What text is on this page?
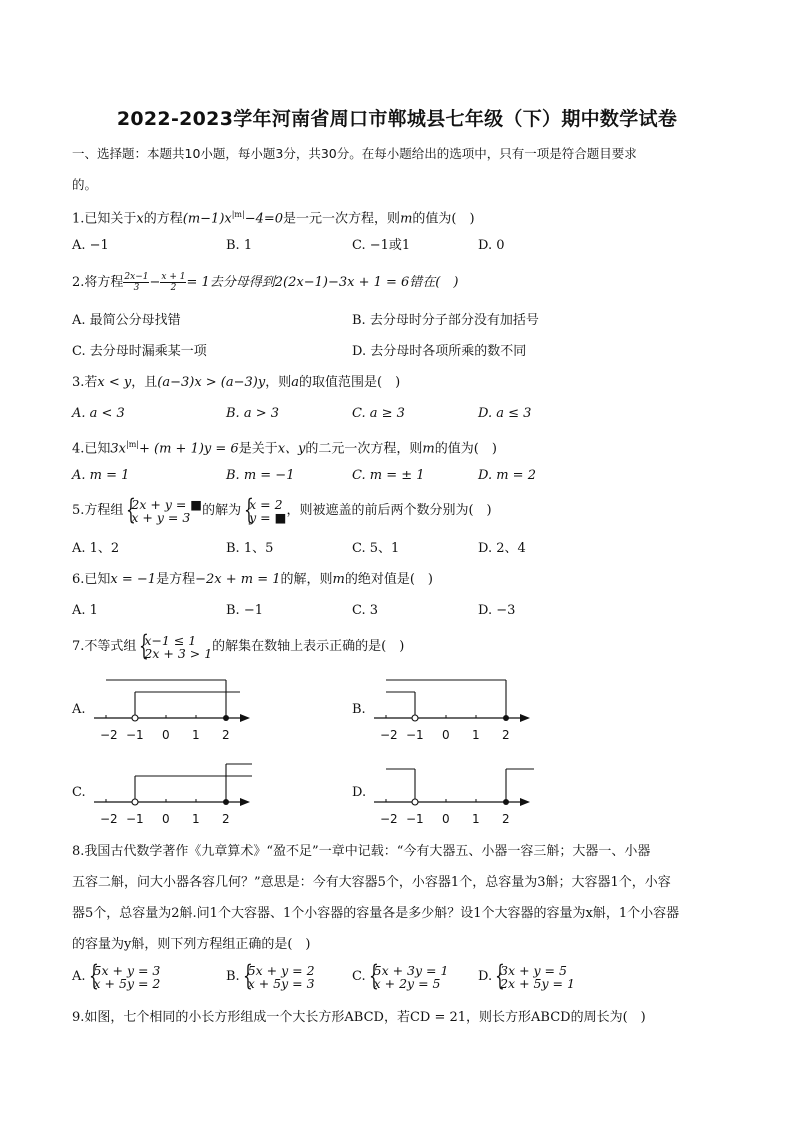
2022-2023学年河南省周口市郸城县七年级（下）期中数学试卷
一、选择题：本题共10小题，每小题3分，共30分。在每小题给出的选项中，只有一项是符合题目要求
的。
1.已知关于x的方程$(m-1)x^{|m|}-4=0$是一元一次方程，则m的值为(　)
A. −1	B. 1	C. −1或1	D. 0
2.将方程 $\frac{2x-1}{3} - \frac{x + 1}{2} = 1$去分母得到2(2x−1)−3x + 1 = 6错在(　)
A. 最简公分母找错	B. 去分母时分子部分没有加括号
C. 去分母时漏乘某一项	D. 去分母时各项所乘的数不同
3.若x < y，且(a−3)x > (a−3)y，则a的取值范围是(　)
A. a < 3	B. a > 3	C. a ≥ 3	D. a ≤ 3
4.已知$3x^{|m|}+ (m + 1)y = 6$是关于x、y的二元一次方程，则m的值为(　)
A. m = 1	B. m = −1	C. m = ± 1	D. m = 2
5.方程组 { 2x + y = ■
x + y = 3 的解为 { x = 2
y = ■ ，则被遮盖的前后两个数分别为(　)
A. 1、2	B. 1、5	C. 5、1	D. 2、4
6.已知x = −1是方程−2x + m = 1的解，则m的绝对值是(　)
A. 1	B. −1	C. 3	D. −3
7.不等式组 { x−1 ≤ 1
2x + 3 > 1 的解集在数轴上表示正确的是(　)
A.	B.
C.	D.
−2 −1 0 1 2	−2 −1 0 1 2
−2 −1 0 1 2	−2 −1 0 1 2
8.我国古代数学著作《九章算术》“盈不足”一章中记载：“今有大器五、小器一容三斛；大器一、小器
五容二斛，问大小器各容几何？”意思是：今有大容器5个，小容器1个，总容量为3斛；大容器1个，小容
器5个，总容量为2斛.问1个大容器、1个小容器的容量各是多少斛？设1个大容器的容量为x斛，1个小容器
的容量为y斛，则下列方程组正确的是(　)
A. { 5x + y = 3
x + 5y = 2	B. { 5x + y = 2
x + 5y = 3	C. { 5x + 3y = 1
x + 2y = 5	D. { 3x + y = 5
2x + 5y = 1
9.如图，七个相同的小长方形组成一个大长方形ABCD，若CD = 21，则长方形ABCD的周长为(　)
